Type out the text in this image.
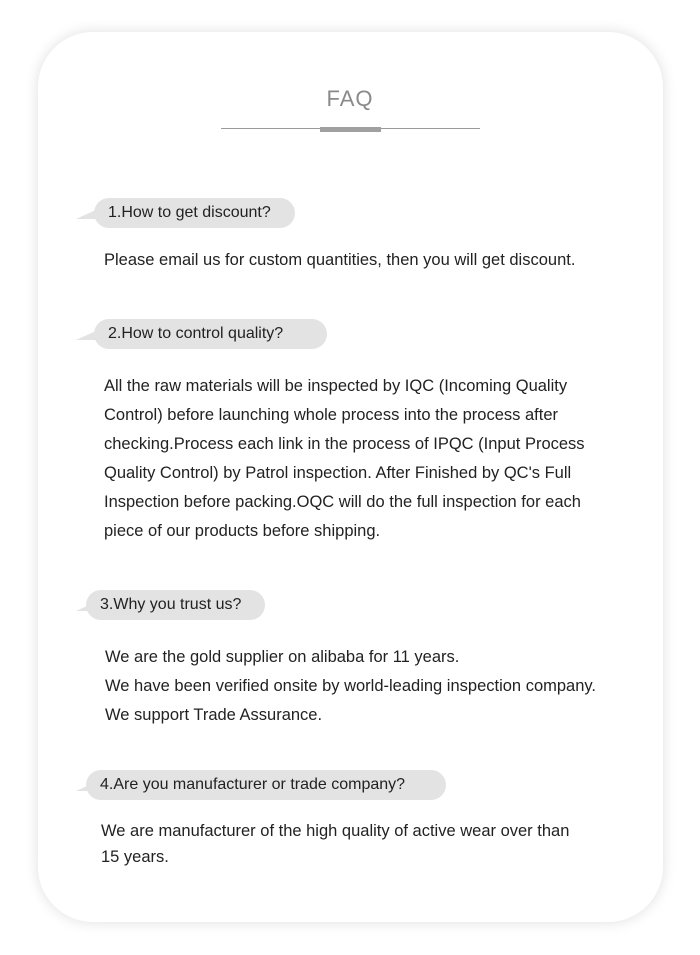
FAQ
1.How to get discount?

Please email us for custom quantities, then you will get discount.

2.How to control quality?

All the raw materials will be inspected by IQC (Incoming Quality

Control) before launching whole process into the process after

checking.Process each link in the process of IPQC (Input Process

Quality Control) by Patrol inspection. After Finished by QC's Full

Inspection before packing.OQC will do the full inspection for each

piece of our products before shipping.

3.Why you trust us?

We are the gold supplier on alibaba for 11 years.

We have been verified onsite by world-leading inspection company.

We support Trade Assurance.

4.Are you manufacturer or trade company?

We are manufacturer of the high quality of active wear over than

15 years.
